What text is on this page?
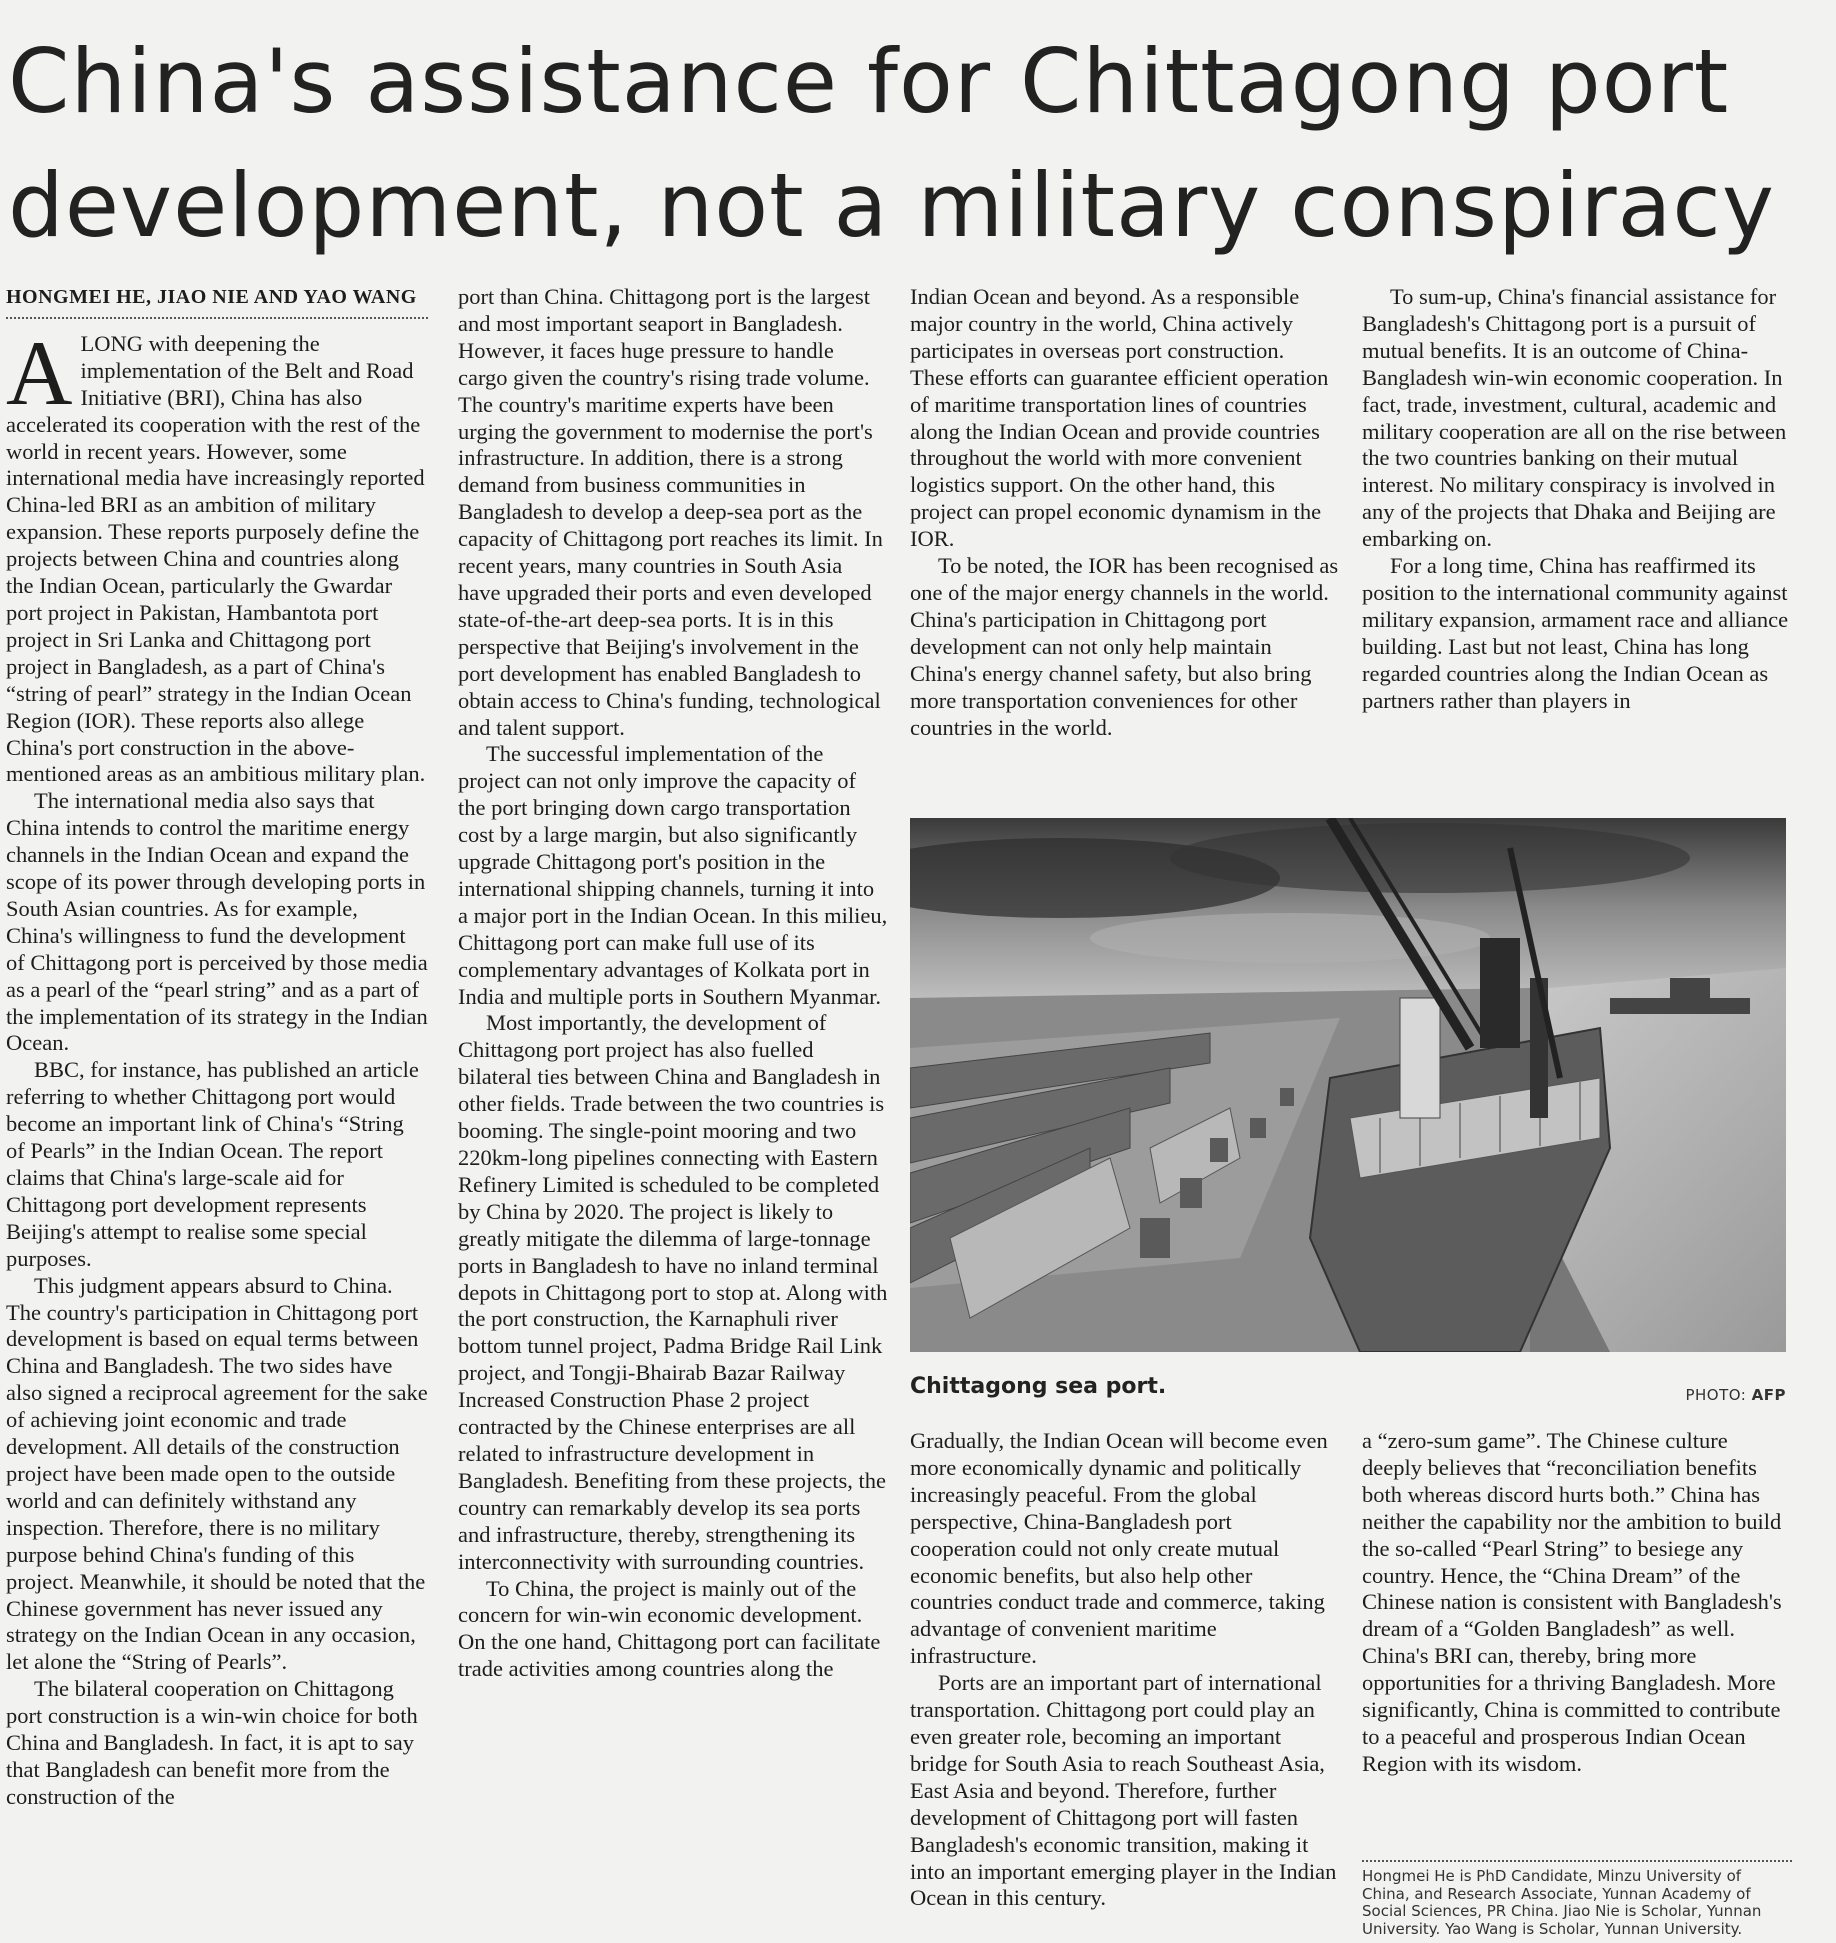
China's assistance for Chittagong port development, not a military conspiracy
HONGMEI HE, JIAO NIE AND YAO WANG

ALONG with deepening the implementation of the Belt and Road Initiative (BRI), China has also accelerated its cooperation with the rest of the world in recent years. However, some international media have increasingly reported China-led BRI as an ambition of military expansion. These reports purposely define the projects between China and countries along the Indian Ocean, particularly the Gwardar port project in Pakistan, Hambantota port project in Sri Lanka and Chittagong port project in Bangladesh, as a part of China's “string of pearl” strategy in the Indian Ocean Region (IOR). These reports also allege China's port construction in the above-mentioned areas as an ambitious military plan.

The international media also says that China intends to control the maritime energy channels in the Indian Ocean and expand the scope of its power through developing ports in South Asian countries. As for example, China's willingness to fund the development of Chittagong port is perceived by those media as a pearl of the “pearl string” and as a part of the implementation of its strategy in the Indian Ocean.

BBC, for instance, has published an article referring to whether Chittagong port would become an important link of China's “String of Pearls” in the Indian Ocean. The report claims that China's large-scale aid for Chittagong port development represents Beijing's attempt to realise some special purposes.

This judgment appears absurd to China. The country's participation in Chittagong port development is based on equal terms between China and Bangladesh. The two sides have also signed a reciprocal agreement for the sake of achieving joint economic and trade development. All details of the construction project have been made open to the outside world and can definitely withstand any inspection. Therefore, there is no military purpose behind China's funding of this project. Meanwhile, it should be noted that the Chinese government has never issued any strategy on the Indian Ocean in any occasion, let alone the “String of Pearls”.

The bilateral cooperation on Chittagong port construction is a win-win choice for both China and Bangladesh. In fact, it is apt to say that Bangladesh can benefit more from the construction of the

port than China. Chittagong port is the largest and most important seaport in Bangladesh. However, it faces huge pressure to handle cargo given the country's rising trade volume. The country's maritime experts have been urging the government to modernise the port's infrastructure. In addition, there is a strong demand from business communities in Bangladesh to develop a deep-sea port as the capacity of Chittagong port reaches its limit. In recent years, many countries in South Asia have upgraded their ports and even developed state-of-the-art deep-sea ports. It is in this perspective that Beijing's involvement in the port development has enabled Bangladesh to obtain access to China's funding, technological and talent support.

The successful implementation of the project can not only improve the capacity of the port bringing down cargo transportation cost by a large margin, but also significantly upgrade Chittagong port's position in the international shipping channels, turning it into a major port in the Indian Ocean. In this milieu, Chittagong port can make full use of its complementary advantages of Kolkata port in India and multiple ports in Southern Myanmar.

Most importantly, the development of Chittagong port project has also fuelled bilateral ties between China and Bangladesh in other fields. Trade between the two countries is booming. The single-point mooring and two 220km-long pipelines connecting with Eastern Refinery Limited is scheduled to be completed by China by 2020. The project is likely to greatly mitigate the dilemma of large-tonnage ports in Bangladesh to have no inland terminal depots in Chittagong port to stop at. Along with the port construction, the Karnaphuli river bottom tunnel project, Padma Bridge Rail Link project, and Tongji-Bhairab Bazar Railway Increased Construction Phase 2 project contracted by the Chinese enterprises are all related to infrastructure development in Bangladesh. Benefiting from these projects, the country can remarkably develop its sea ports and infrastructure, thereby, strengthening its interconnectivity with surrounding countries.

To China, the project is mainly out of the concern for win-win economic development. On the one hand, Chittagong port can facilitate trade activities among countries along the

Indian Ocean and beyond. As a responsible major country in the world, China actively participates in overseas port construction. These efforts can guarantee efficient operation of maritime transportation lines of countries along the Indian Ocean and provide countries throughout the world with more convenient logistics support. On the other hand, this project can propel economic dynamism in the IOR.

To be noted, the IOR has been recognised as one of the major energy channels in the world. China's participation in Chittagong port development can not only help maintain China's energy channel safety, but also bring more transportation conveniences for other countries in the world.

To sum-up, China's financial assistance for Bangladesh's Chittagong port is a pursuit of mutual benefits. It is an outcome of China-Bangladesh win-win economic cooperation. In fact, trade, investment, cultural, academic and military cooperation are all on the rise between the two countries banking on their mutual interest. No military conspiracy is involved in any of the projects that Dhaka and Beijing are embarking on.

For a long time, China has reaffirmed its position to the international community against military expansion, armament race and alliance building. Last but not least, China has long regarded countries along the Indian Ocean as partners rather than players in

Chittagong sea port.	PHOTO: AFP

Gradually, the Indian Ocean will become even more economically dynamic and politically increasingly peaceful. From the global perspective, China-Bangladesh port cooperation could not only create mutual economic benefits, but also help other countries conduct trade and commerce, taking advantage of convenient maritime infrastructure.

Ports are an important part of international transportation. Chittagong port could play an even greater role, becoming an important bridge for South Asia to reach Southeast Asia, East Asia and beyond. Therefore, further development of Chittagong port will fasten Bangladesh's economic transition, making it into an important emerging player in the Indian Ocean in this century.

a “zero-sum game”. The Chinese culture deeply believes that “reconciliation benefits both whereas discord hurts both.” China has neither the capability nor the ambition to build the so-called “Pearl String” to besiege any country. Hence, the “China Dream” of the Chinese nation is consistent with Bangladesh's dream of a “Golden Bangladesh” as well. China's BRI can, thereby, bring more opportunities for a thriving Bangladesh. More significantly, China is committed to contribute to a peaceful and prosperous Indian Ocean Region with its wisdom.

Hongmei He is PhD Candidate, Minzu University of China, and Research Associate, Yunnan Academy of Social Sciences, PR China. Jiao Nie is Scholar, Yunnan University. Yao Wang is Scholar, Yunnan University.
